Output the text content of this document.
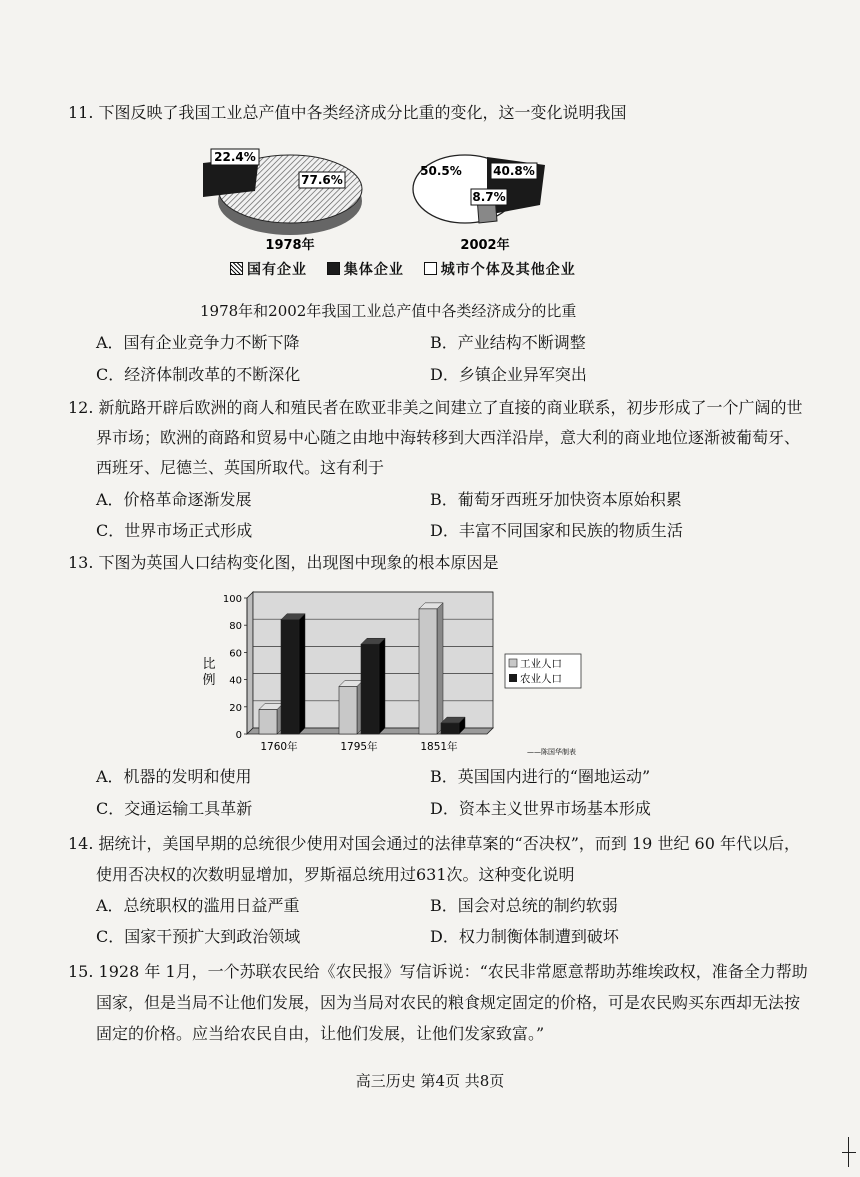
11. 下图反映了我国工业总产值中各类经济成分比重的变化，这一变化说明我国

22.4%
77.6%
50.5%	40.8%
8.7%
1978年	2002年
国有企业	集体企业	城市个体及其他企业
1978年和2002年我国工业总产值中各类经济成分的比重
A．国有企业竞争力不断下降	B．产业结构不断调整
C．经济体制改革的不断深化	D．乡镇企业异军突出

12. 新航路开辟后欧洲的商人和殖民者在欧亚非美之间建立了直接的商业联系，初步形成了一个广阔的世界市场；欧洲的商路和贸易中心随之由地中海转移到大西洋沿岸，意大利的商业地位逐渐被葡萄牙、西班牙、尼德兰、英国所取代。这有利于

A．价格革命逐渐发展	B．葡萄牙西班牙加快资本原始积累
C．世界市场正式形成	D．丰富不同国家和民族的物质生活

13. 下图为英国人口结构变化图，出现图中现象的根本原因是

0
20
40
60
80
100
1760年	1795年	1851年
比
例
工业人口
农业人口
——陈国华制表
A．机器的发明和使用	B．英国国内进行的“圈地运动”
C．交通运输工具革新	D．资本主义世界市场基本形成

14. 据统计，美国早期的总统很少使用对国会通过的法律草案的“否决权”，而到 19 世纪 60 年代以后，使用否决权的次数明显增加，罗斯福总统用过631次。这种变化说明

A．总统职权的滥用日益严重	B．国会对总统的制约软弱
C．国家干预扩大到政治领域	D．权力制衡体制遭到破坏

15. 1928 年 1月，一个苏联农民给《农民报》写信诉说：“农民非常愿意帮助苏维埃政权，准备全力帮助国家，但是当局不让他们发展，因为当局对农民的粮食规定固定的价格，可是农民购买东西却无法按固定的价格。应当给农民自由，让他们发展，让他们发家致富。”

高三历史 第4页 共8页
